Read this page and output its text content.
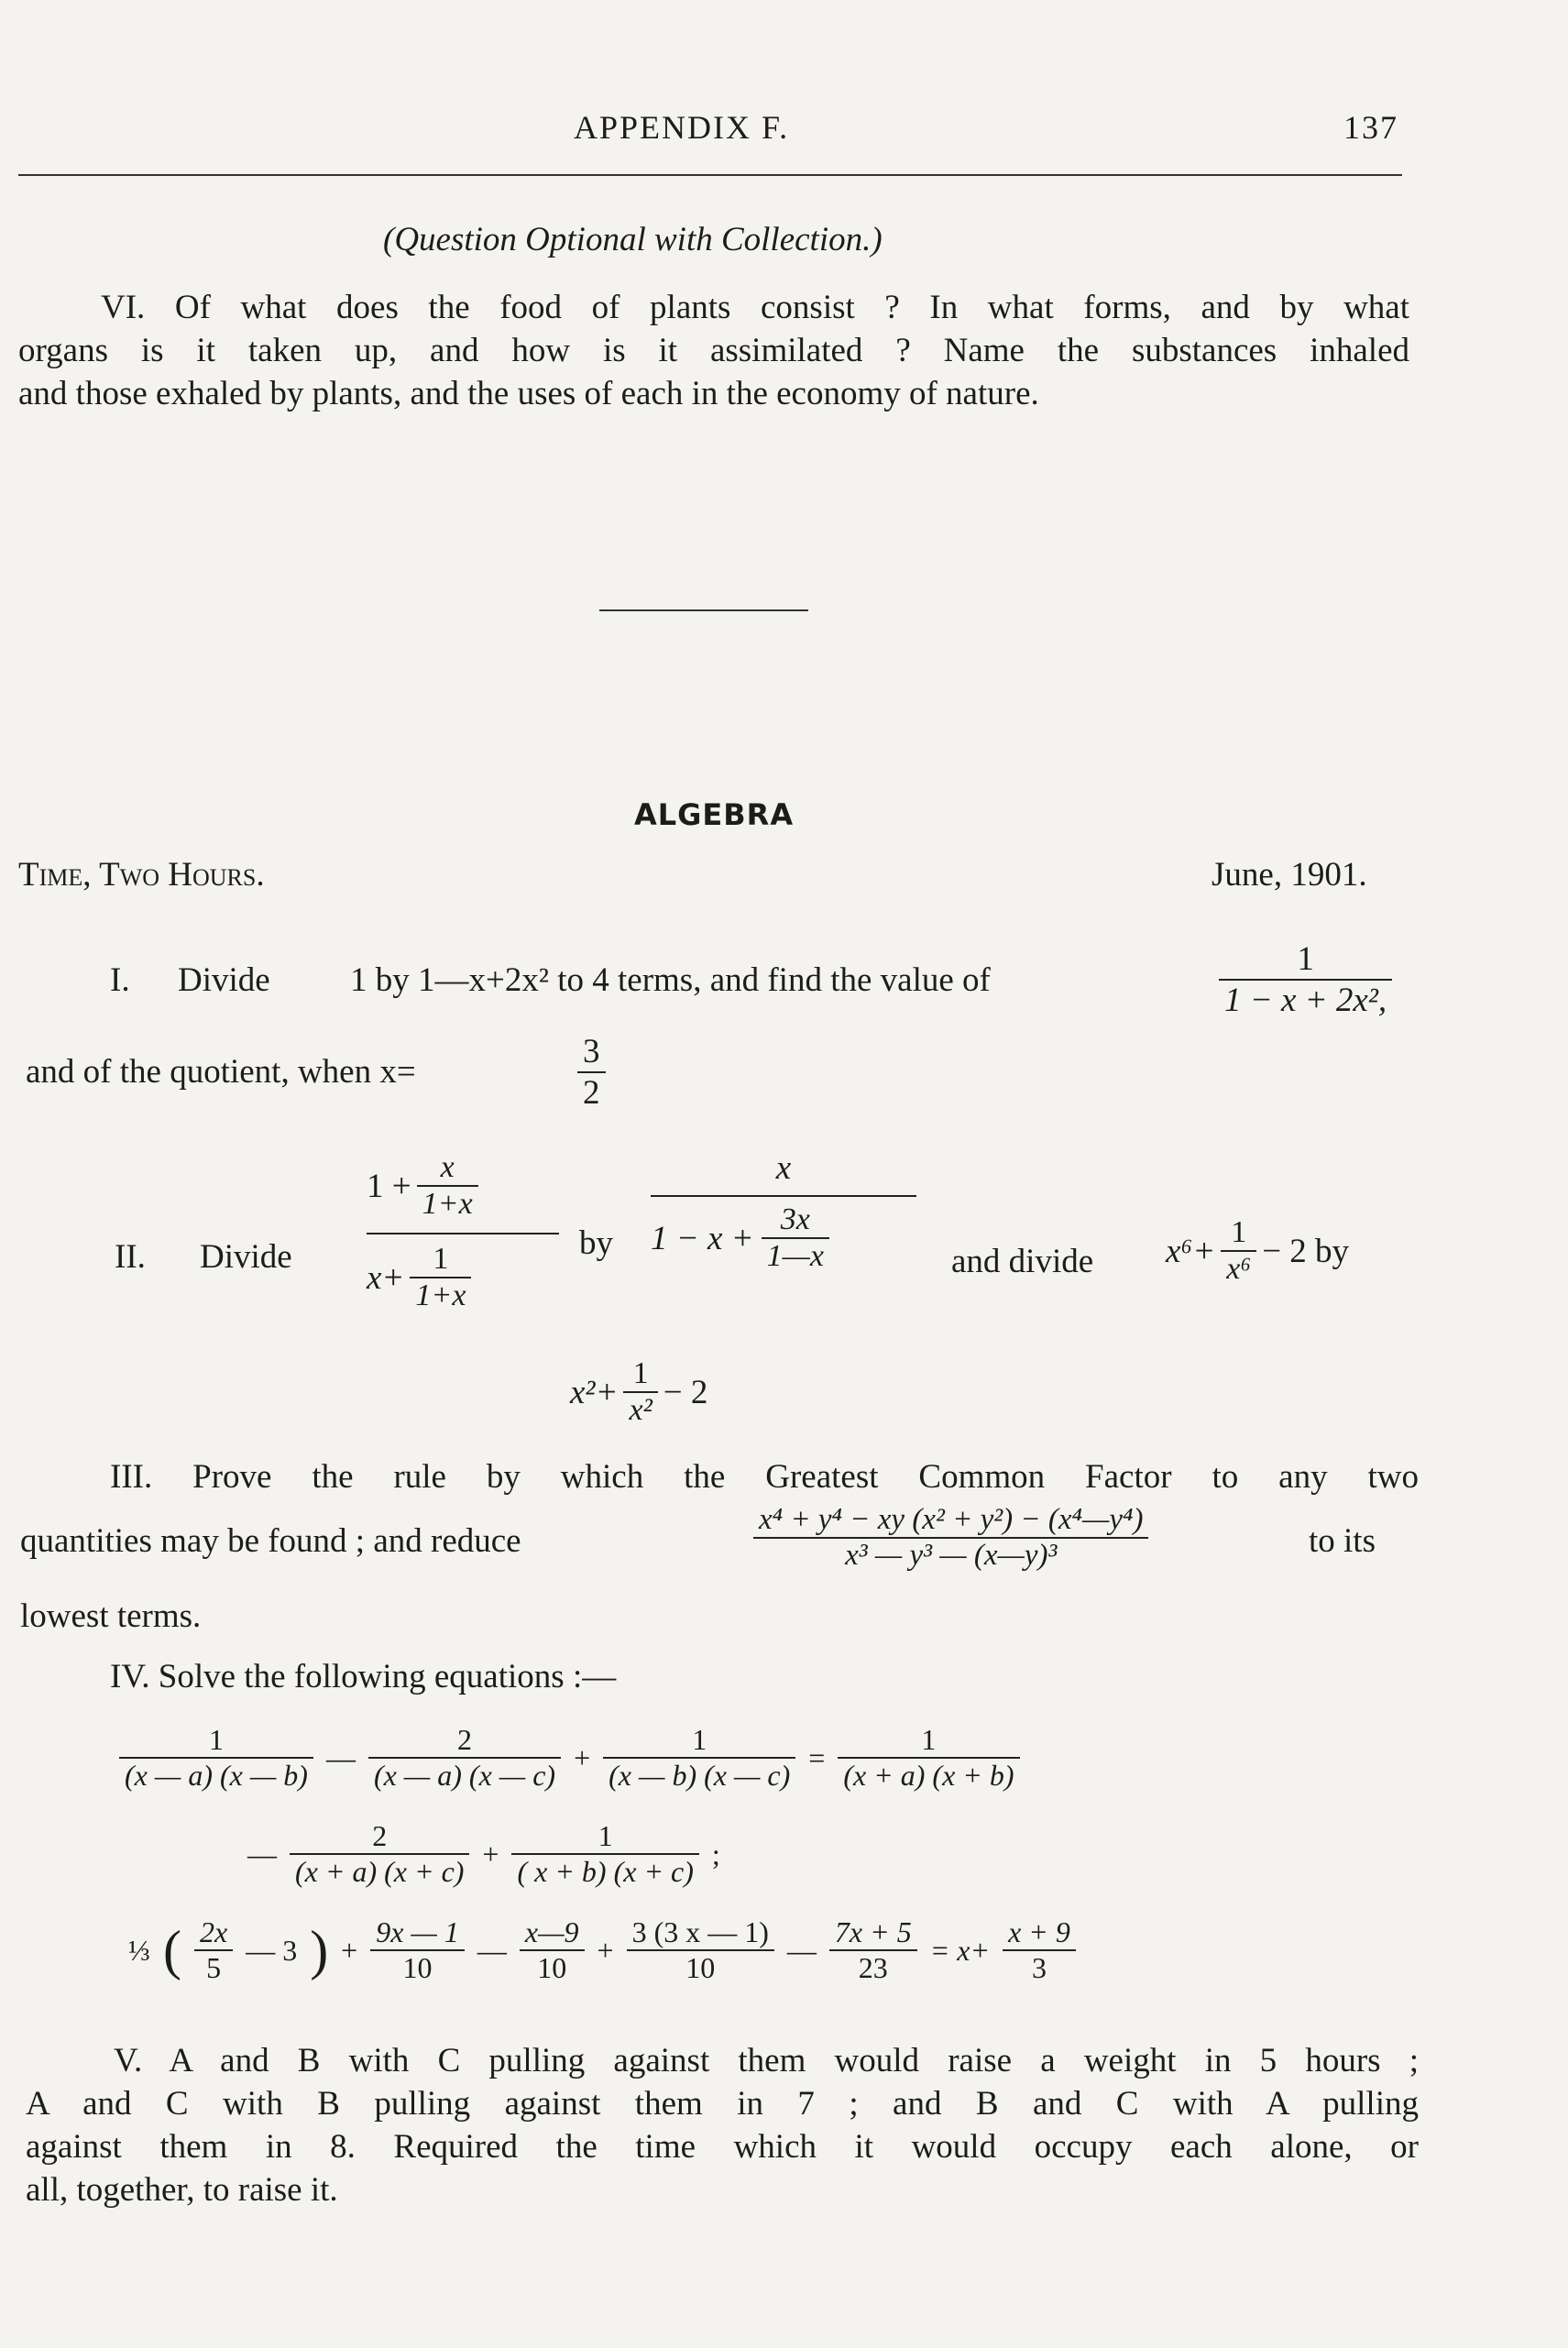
APPENDIX F.	137
(Question Optional with Collection.)
VI. Of what does the food of plants consist ? In what forms, and by what
organs is it taken up, and how is it assimilated ? Name the substances inhaled
and those exhaled by plants, and the uses of each in the economy of nature.
ALGEBRA
Time, Two Hours.	June, 1901.
I. Divide 1 by 1—x+2x² to 4 terms, and find the value of	$\frac{1}{\text{1 − x + 2x²,}}$
and of the quotient, when x=	$\frac{3}{2}$
II. Divide
$1 + \frac{x}{1+x}$
$x+ \frac{1}{1+x}$	by
x
$1 - x + \frac{3x}{1—x}$	and divide $x^6+ \frac{1}{\text{x⁶}} - 2$ by
$x^2+ \frac{1}{\text{x²}} - 2$
III. Prove the rule by which the Greatest Common Factor to any two
quantities may be found ; and reduce	$\frac{\text{x⁴ + y⁴ − xy (x² + y²) − (x⁴—y⁴)}}{\text{x³ — y³ — (x—y)³}}$	to its
lowest terms.
IV. Solve the following equations :—
$\frac{1}{(x — a) (x — b)}$ — $\frac{2}{(x — a) (x — c)} + \frac{1}{(x — b) (x — c)} = \frac{1}{(x + a) (x + b)}$
— $\frac{2}{(x + a) (x + c)} + \frac{1}{( x + b) (x + c)}$ ;
⅓ ( $\frac{2x}{5}$ — 3 ) + $\frac{9x — 1}{10}$ — $\frac{x—9}{10} + \frac{3 (3 x — 1)}{10}$ — $\frac{7x + 5}{23} = x+ \frac{x + 9}{3}$
V. A and B with C pulling against them would raise a weight in 5 hours ;
A and C with B pulling against them in 7 ; and B and C with A pulling
against them in 8. Required the time which it would occupy each alone, or
all, together, to raise it.
